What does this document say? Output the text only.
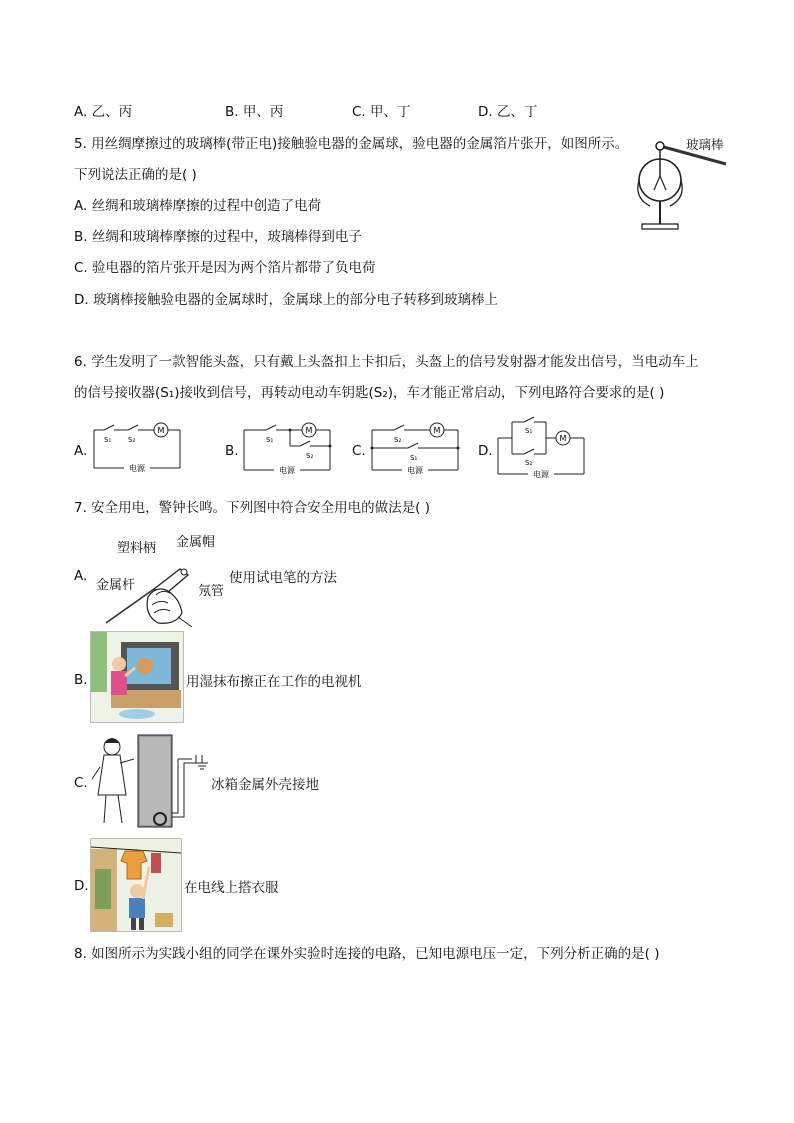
A. 乙、丙	B. 甲、丙	C. 甲、丁	D. 乙、丁
5. 用丝绸摩擦过的玻璃棒(带正电)接触验电器的金属球，验电器的金属箔片张开，如图所示。
下列说法正确的是( )
A. 丝绸和玻璃棒摩擦的过程中创造了电荷
B. 丝绸和玻璃棒摩擦的过程中，玻璃棒得到电子
C. 验电器的箔片张开是因为两个箔片都带了负电荷
D. 玻璃棒接触验电器的金属球时，金属球上的部分电子转移到玻璃棒上
玻璃棒
6. 学生发明了一款智能头盔，只有戴上头盔扣上卡扣后，头盔上的信号发射器才能发出信号，当电动车上
的信号接收器(S₁)接收到信号，再转动电动车钥匙(S₂)，车才能正常启动，下列电路符合要求的是( )
A.	B.	C.	D.
M
S₁ S₂
电源
M
S₁
S₂
电源
M
S₂
S₁
电源
M
S₁
S₂
电源
7. 安全用电，警钟长鸣。下列图中符合安全用电的做法是( )
A.
塑料柄 金属帽
金属杆	氖管
使用试电笔的方法
B.	用湿抹布擦正在工作的电视机
C.	冰箱金属外壳接地
D.	在电线上搭衣服
8. 如图所示为实践小组的同学在课外实验时连接的电路，已知电源电压一定，下列分析正确的是( )
